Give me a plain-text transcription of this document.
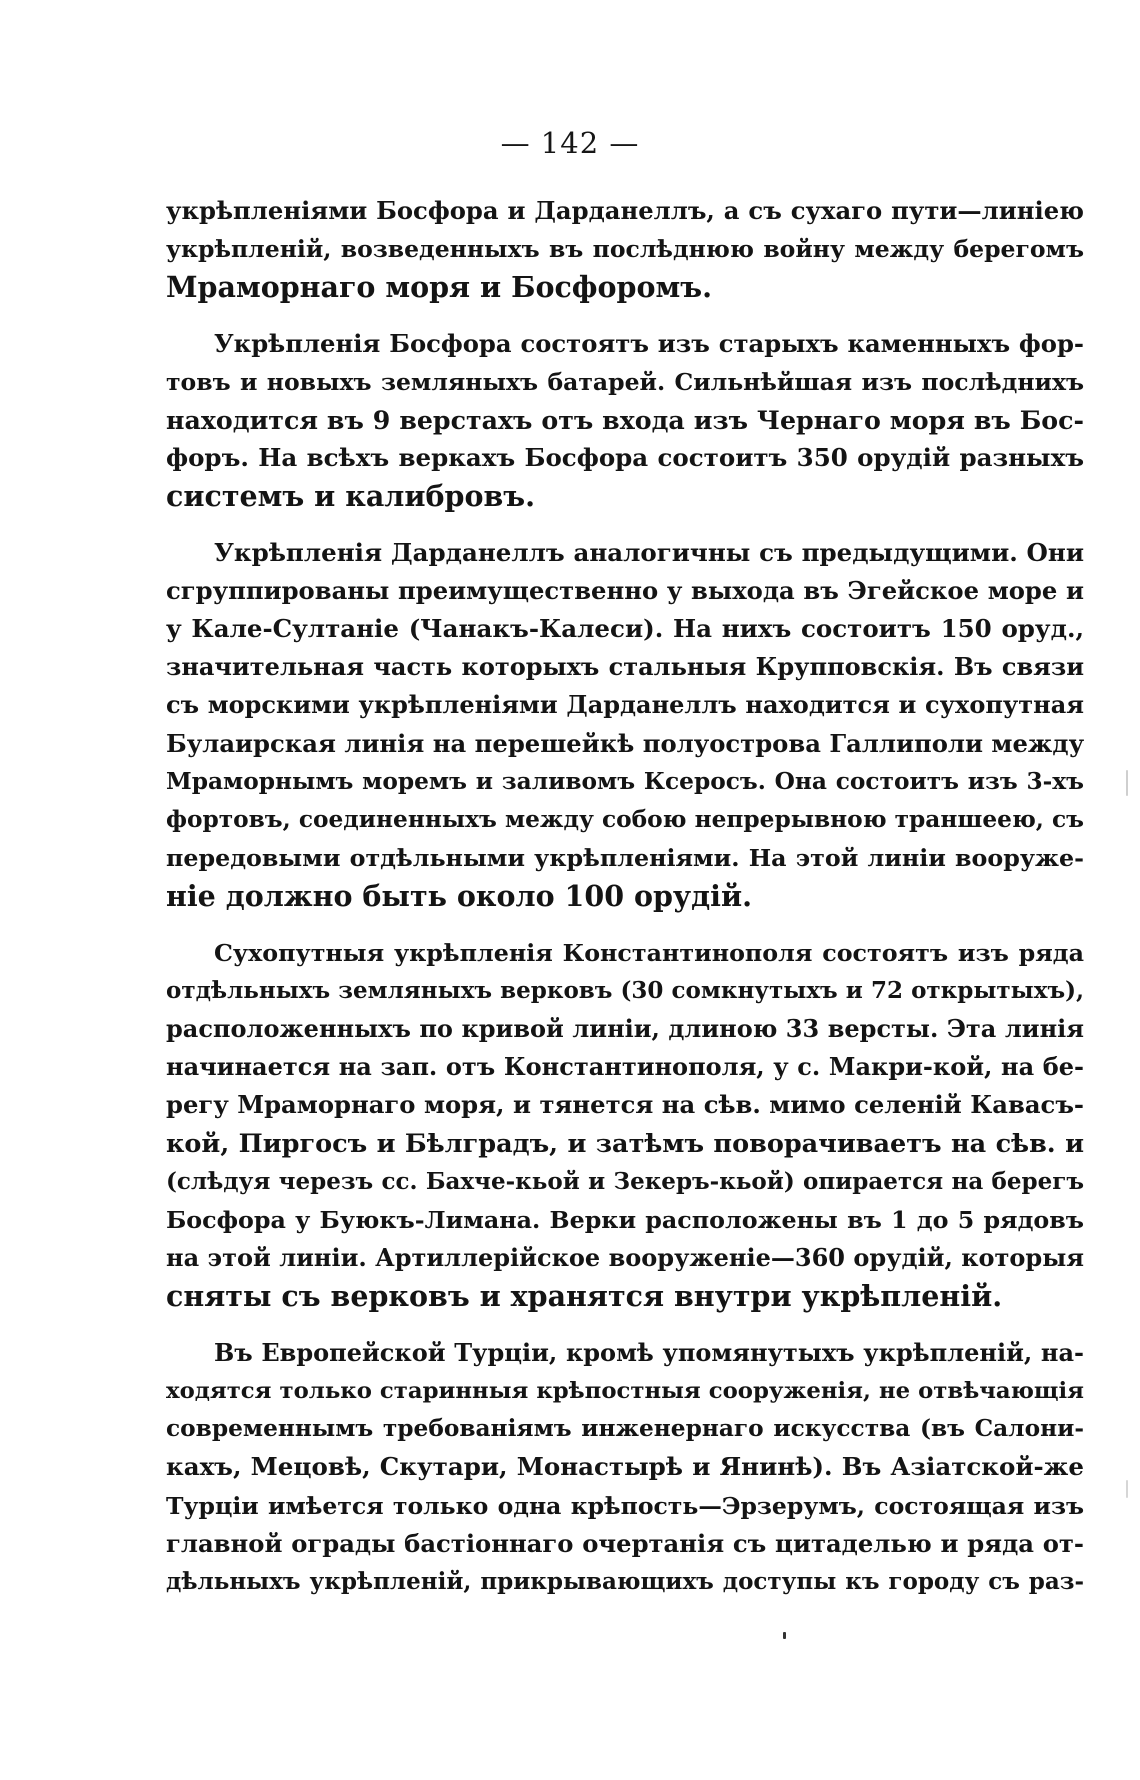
— 142 —

укрѣпленіями Босфора и Дарданеллъ, а съ сухаго пути—линіею
укрѣпленій, возведенныхъ въ послѣднюю войну между берегомъ
Мраморнаго моря и Босфоромъ.

Укрѣпленія Босфора состоятъ изъ старыхъ каменныхъ фор-
товъ и новыхъ земляныхъ батарей. Сильнѣйшая изъ послѣднихъ
находится въ 9 верстахъ отъ входа изъ Чернаго моря въ Бос-
форъ. На всѣхъ веркахъ Босфора состоитъ 350 орудій разныхъ
системъ и калибровъ.

Укрѣпленія Дарданеллъ аналогичны съ предыдущими. Они
сгруппированы преимущественно у выхода въ Эгейское море и
у Кале-Султаніе (Чанакъ-Калеси). На нихъ состоитъ 150 оруд.,
значительная часть которыхъ стальныя Крупповскія. Въ связи
съ морскими укрѣпленіями Дарданеллъ находится и сухопутная
Булаирская линія на перешейкѣ полуострова Галлиполи между
Мраморнымъ моремъ и заливомъ Ксеросъ. Она состоитъ изъ 3-хъ
фортовъ, соединенныхъ между собою непрерывною траншеею, съ
передовыми отдѣльными укрѣпленіями. На этой линіи вооруже-
ніе должно быть около 100 орудій.

Сухопутныя укрѣпленія Константинополя состоятъ изъ ряда
отдѣльныхъ земляныхъ верковъ (30 сомкнутыхъ и 72 открытыхъ),
расположенныхъ по кривой линіи, длиною 33 версты. Эта линія
начинается на зап. отъ Константинополя, у с. Макри-кой, на бе-
регу Мраморнаго моря, и тянется на сѣв. мимо селеній Кавасъ-
кой, Пиргосъ и Бѣлградъ, и затѣмъ поворачиваетъ на сѣв. и
(слѣдуя черезъ сс. Бахче-кьой и Зекеръ-кьой) опирается на берегъ
Босфора у Буюкъ-Лимана. Верки расположены въ 1 до 5 рядовъ
на этой линіи. Артиллерійское вооруженіе—360 орудій, которыя
сняты съ верковъ и хранятся внутри укрѣпленій.

Въ Европейской Турціи, кромѣ упомянутыхъ укрѣпленій, на-
ходятся только старинныя крѣпостныя сооруженія, не отвѣчающія
современнымъ требованіямъ инженернаго искусства (въ Салони-
кахъ, Мецовѣ, Скутари, Монастырѣ и Янинѣ). Въ Азіатской-же
Турціи имѣется только одна крѣпость—Эрзерумъ, состоящая изъ
главной ограды бастіоннаго очертанія съ цитаделью и ряда от-
дѣльныхъ укрѣпленій, прикрывающихъ доступы къ городу съ раз-
